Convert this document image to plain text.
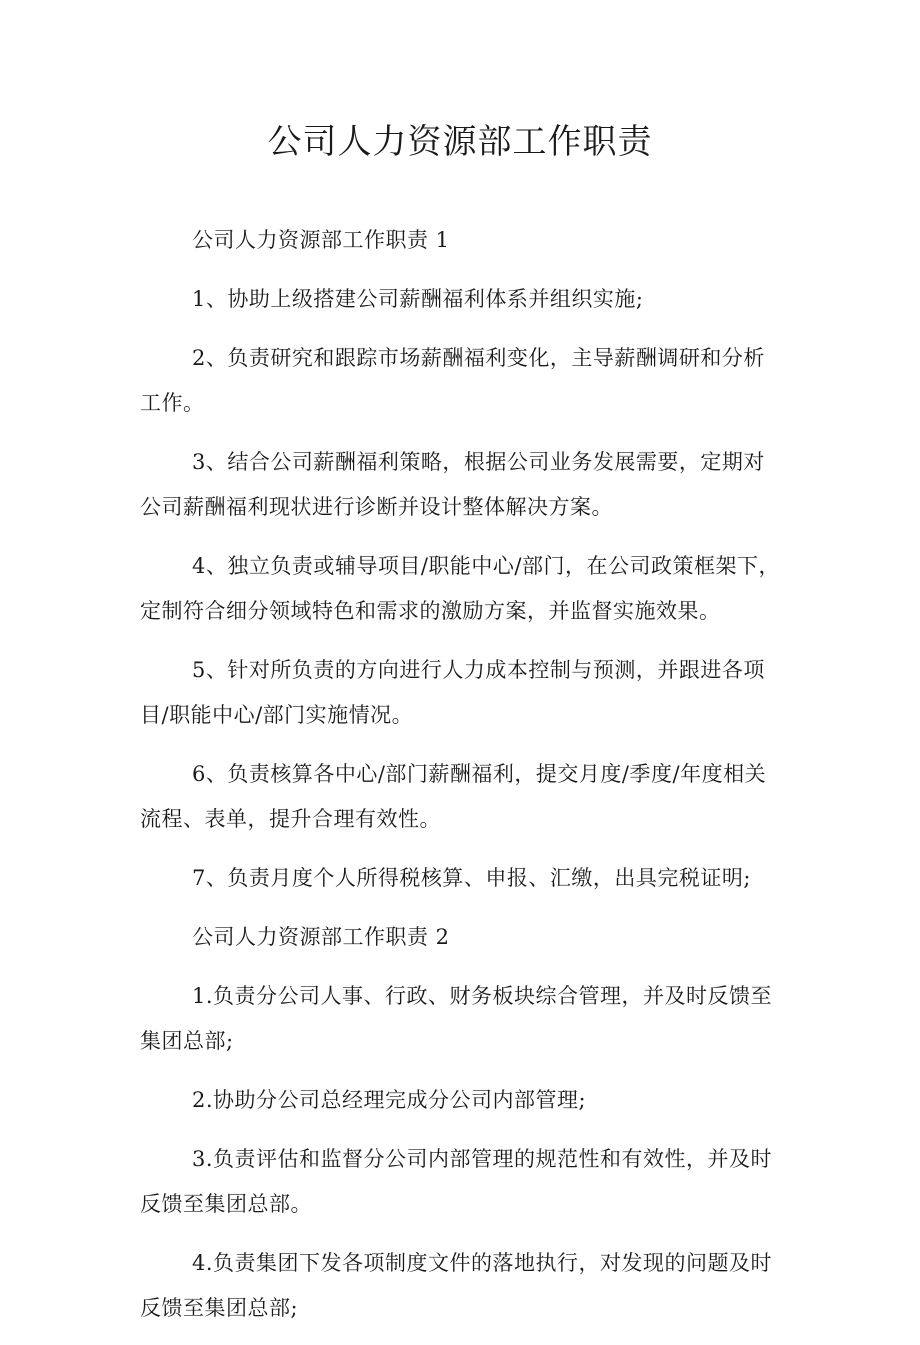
公司人力资源部工作职责

公司人力资源部工作职责 1

1、协助上级搭建公司薪酬福利体系并组织实施;

2、负责研究和跟踪市场薪酬福利变化，主导薪酬调研和分析工作。

3、结合公司薪酬福利策略，根据公司业务发展需要，定期对公司薪酬福利现状进行诊断并设计整体解决方案。

4、独立负责或辅导项目/职能中心/部门，在公司政策框架下，定制符合细分领域特色和需求的激励方案，并监督实施效果。

5、针对所负责的方向进行人力成本控制与预测，并跟进各项目/职能中心/部门实施情况。

6、负责核算各中心/部门薪酬福利，提交月度/季度/年度相关流程、表单，提升合理有效性。

7、负责月度个人所得税核算、申报、汇缴，出具完税证明;

公司人力资源部工作职责 2

1.负责分公司人事、行政、财务板块综合管理，并及时反馈至集团总部;

2.协助分公司总经理完成分公司内部管理;

3.负责评估和监督分公司内部管理的规范性和有效性，并及时反馈至集团总部。

4.负责集团下发各项制度文件的落地执行，对发现的问题及时反馈至集团总部;
